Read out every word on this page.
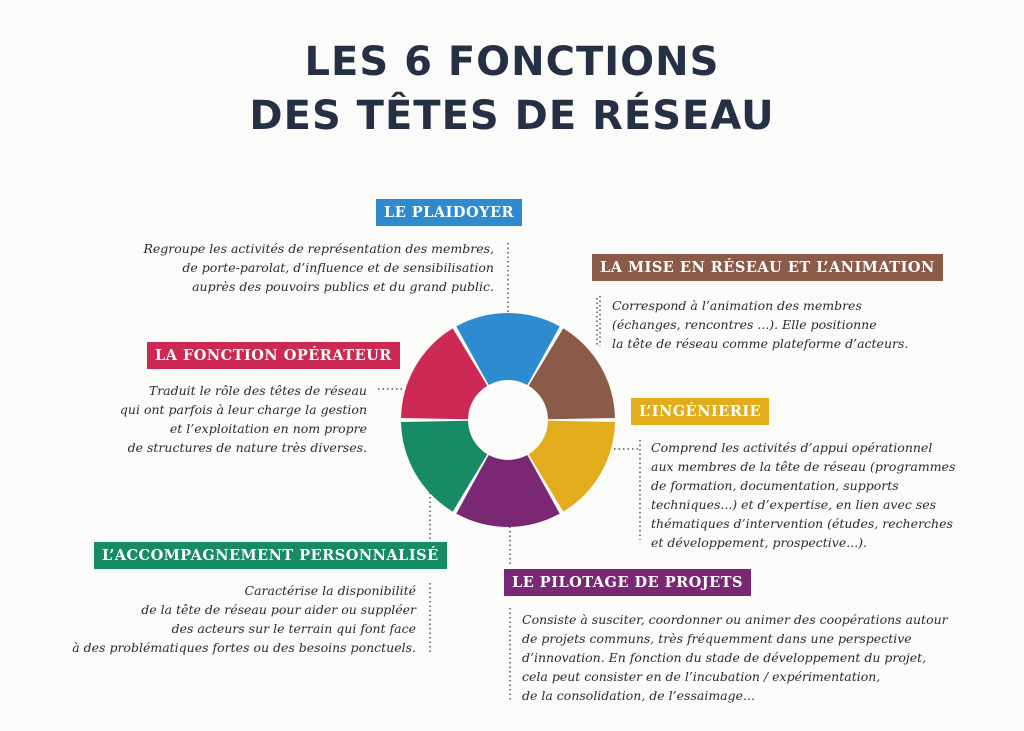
LES 6 FONCTIONS
DES TÊTES DE RÉSEAU
LE PLAIDOYER
Regroupe les activités de représentation des membres,
de porte-parolat, d’influence et de sensibilisation
auprès des pouvoirs publics et du grand public.
LA MISE EN RÉSEAU ET L’ANIMATION
Correspond à l’animation des membres
(échanges, rencontres ...). Elle positionne
la tête de réseau comme plateforme d’acteurs.
LA FONCTION OPÉRATEUR
Traduit le rôle des têtes de réseau
qui ont parfois à leur charge la gestion
et l’exploitation en nom propre
de structures de nature très diverses.
L’INGÉNIERIE
Comprend les activités d’appui opérationnel
aux membres de la tête de réseau (programmes
de formation, documentation, supports
techniques...) et d’expertise, en lien avec ses
thématiques d’intervention (études, recherches
et développement, prospective...).
L’ACCOMPAGNEMENT PERSONNALISÉ
Caractérise la disponibilité
de la tête de réseau pour aider ou suppléer
des acteurs sur le terrain qui font face
à des problématiques fortes ou des besoins ponctuels.
LE PILOTAGE DE PROJETS
Consiste à susciter, coordonner ou animer des coopérations autour
de projets communs, très fréquemment dans une perspective
d’innovation. En fonction du stade de développement du projet,
cela peut consister en de l’incubation / expérimentation,
de la consolidation, de l’essaimage...
